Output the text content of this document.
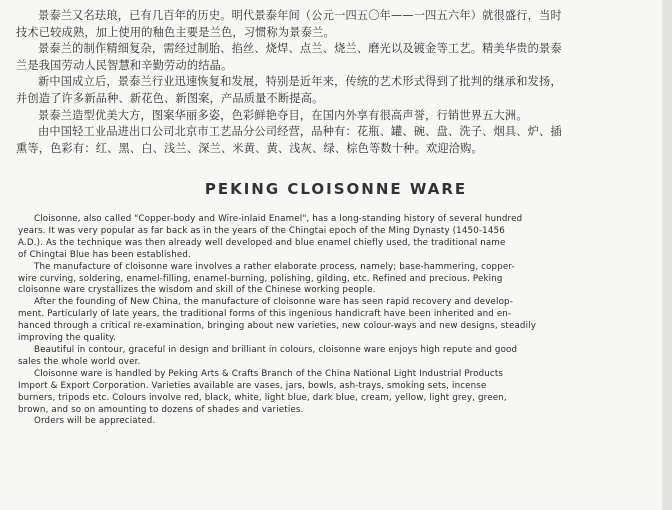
景泰兰又名珐琅，已有几百年的历史。明代景泰年间（公元一四五〇年——一四五六年）就很盛行，当时

技术已较成熟，加上使用的釉色主要是兰色，习惯称为景泰兰。

景泰兰的制作精细复杂，需经过制胎、掐丝、烧焊、点兰、烧兰、磨光以及镀金等工艺。精美华贵的景泰

兰是我国劳动人民智慧和辛勤劳动的结晶。

新中国成立后，景泰兰行业迅速恢复和发展，特别是近年来，传统的艺术形式得到了批判的继承和发扬，

并创造了许多新品种、新花色、新图案，产品质量不断提高。

景泰兰造型优美大方，图案华丽多姿，色彩鲜艳夺目，在国内外享有很高声誉，行销世界五大洲。

由中国轻工业品进出口公司北京市工艺品分公司经营，品种有：花瓶、罐、碗、盘、洗子、烟具、炉、插

熏等，色彩有：红、黑、白、浅兰、深兰、米黄、黄、浅灰、绿、棕色等数十种。欢迎洽购。

PEKING CLOISONNE WARE

Cloisonne, also called "Copper-body and Wire-inlaid Enamel", has a long-standing history of several hundred

years. It was very popular as far back as in the years of the Chingtai epoch of the Ming Dynasty (1450-1456

A.D.). As the technique was then already well developed and blue enamel chiefly used, the traditional name

of Chingtai Blue has been established.

The manufacture of cloisonne ware involves a rather elaborate process, namely; base-hammering, copper-

wire curving, soldering, enamel-filling, enamel-burning, polishing, gilding, etc. Refined and precious. Peking

cloisonne ware crystallizes the wisdom and skill of the Chinese working people.

After the founding of New China, the manufacture of cloisonne ware has seen rapid recovery and develop-

ment. Particularly of late years, the traditional forms of this ingenious handicraft have been inherited and en-

hanced through a critical re-examination, bringing about new varieties, new colour-ways and new designs, steadily

improving the quality.

Beautiful in contour, graceful in design and brilliant in colours, cloisonne ware enjoys high repute and good

sales the whole world over.

Cloisonne ware is handled by Peking Arts & Crafts Branch of the China National Light Industrial Products

Import & Export Corporation. Varieties available are vases, jars, bowls, ash-trays, smoking sets, incense

burners, tripods etc. Colours involve red, black, white, light blue, dark blue, cream, yellow, light grey, green,

brown, and so on amounting to dozens of shades and varieties.

Orders will be appreciated.
